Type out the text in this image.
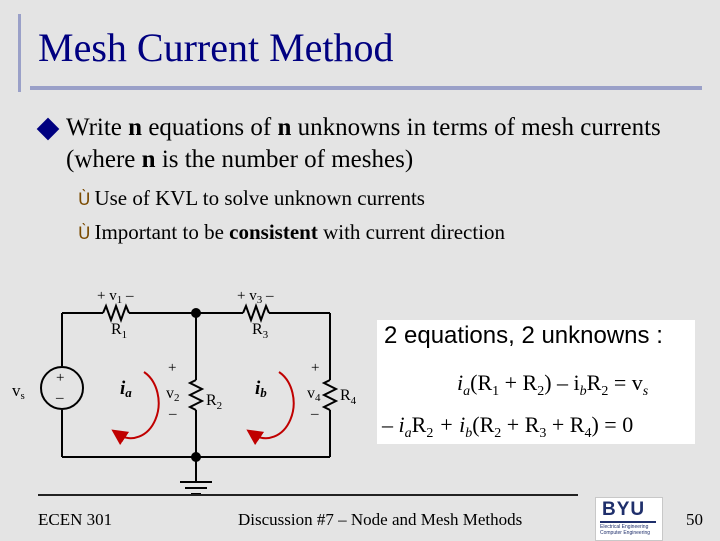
Mesh Current Method
Write n equations of n unknowns in terms of mesh currents (where n is the number of meshes)
Ù Use of KVL to solve unknown currents
Ù Important to be consistent with current direction
+ $v_1$ –
$R_1$
+ $v_3$ –
$R_3$
vs
+
–	ia	ib
+
v2
–
$R_2$
+
v4
–
$R_4$
2 equations, 2 unknowns :
$i_a(R_1 + R_2) - i_bR_2 = v_s$
– $i_aR_2 + i_b(R_2 + R_3 + R_4) = 0$
ECEN 301	Discussion #7 – Node and Mesh Methods	50
BYU
Electrical Engineering Computer Engineering
